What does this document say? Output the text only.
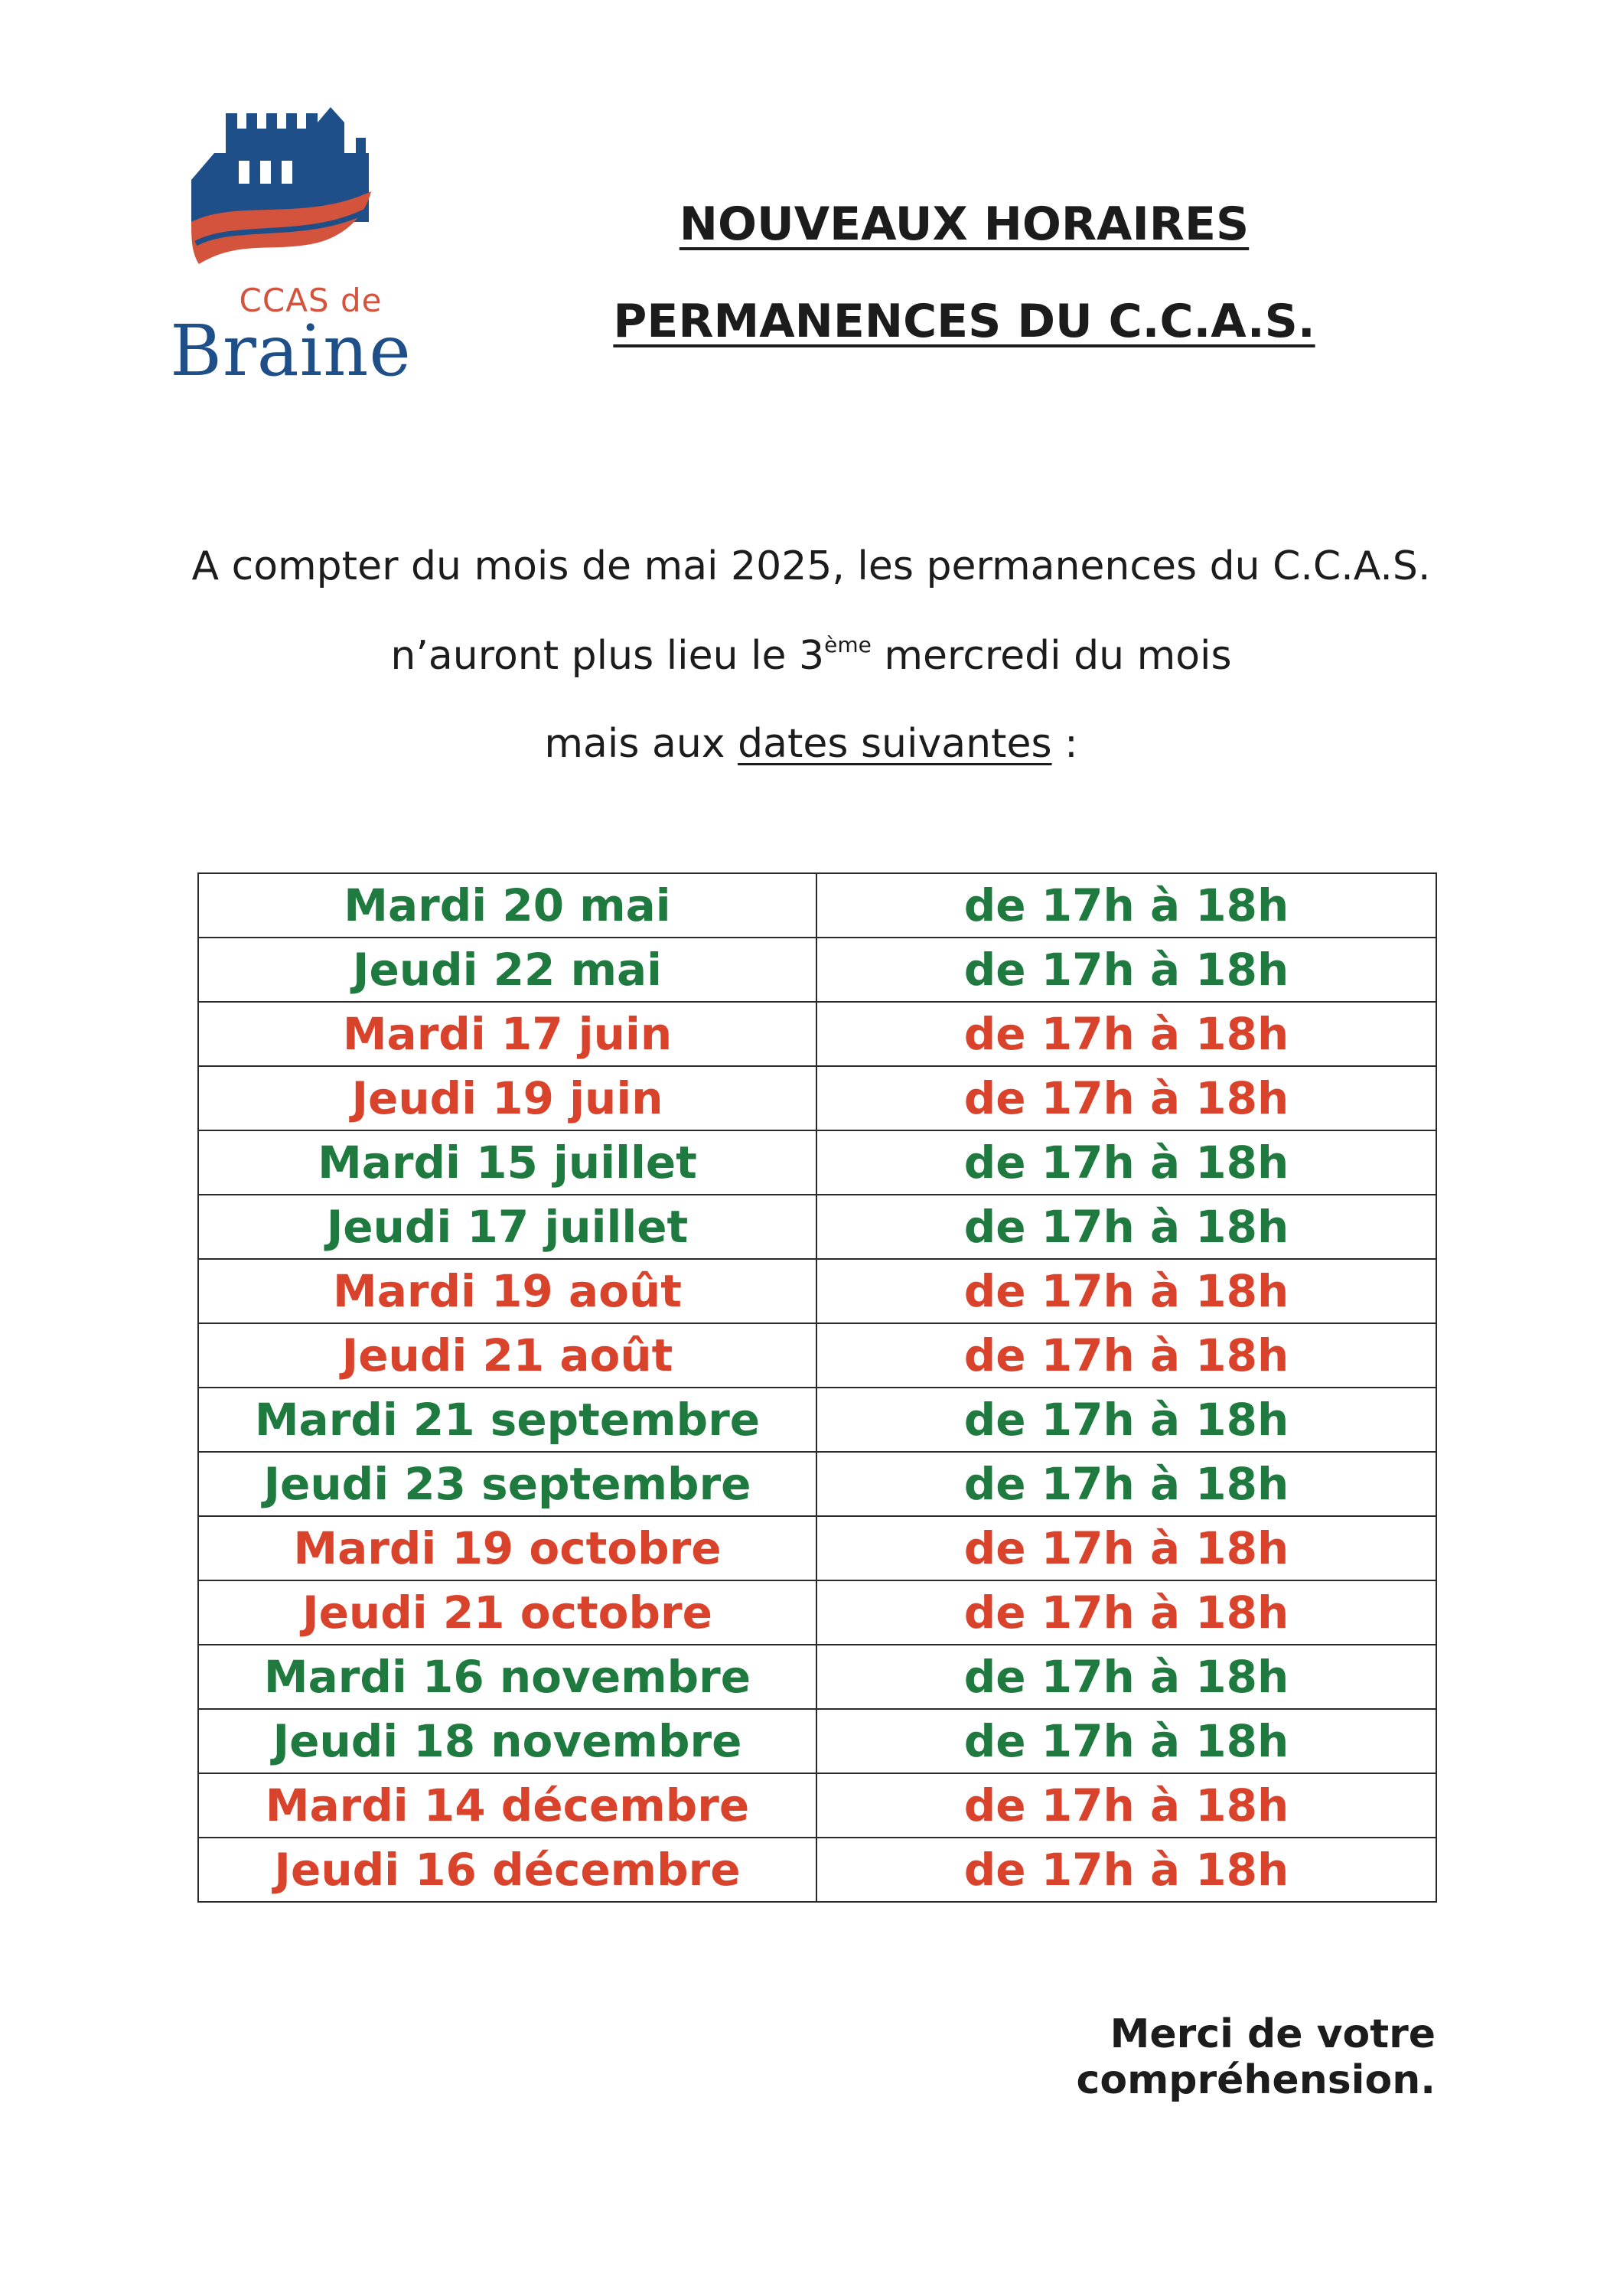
CCAS de
Braine
NOUVEAUX HORAIRES
PERMANENCES DU C.C.A.S.
A compter du mois de mai 2025, les permanences du C.C.A.S.
n’auront plus lieu le 3ème mercredi du mois
mais aux dates suivantes :
Mardi 20 mai	de 17h à 18h
Jeudi 22 mai	de 17h à 18h
Mardi 17 juin	de 17h à 18h
Jeudi 19 juin	de 17h à 18h
Mardi 15 juillet	de 17h à 18h
Jeudi 17 juillet	de 17h à 18h
Mardi 19 août	de 17h à 18h
Jeudi 21 août	de 17h à 18h
Mardi 21 septembre	de 17h à 18h
Jeudi 23 septembre	de 17h à 18h
Mardi 19 octobre	de 17h à 18h
Jeudi 21 octobre	de 17h à 18h
Mardi 16 novembre	de 17h à 18h
Jeudi 18 novembre	de 17h à 18h
Mardi 14 décembre	de 17h à 18h
Jeudi 16 décembre	de 17h à 18h
Merci de votre compréhension.
